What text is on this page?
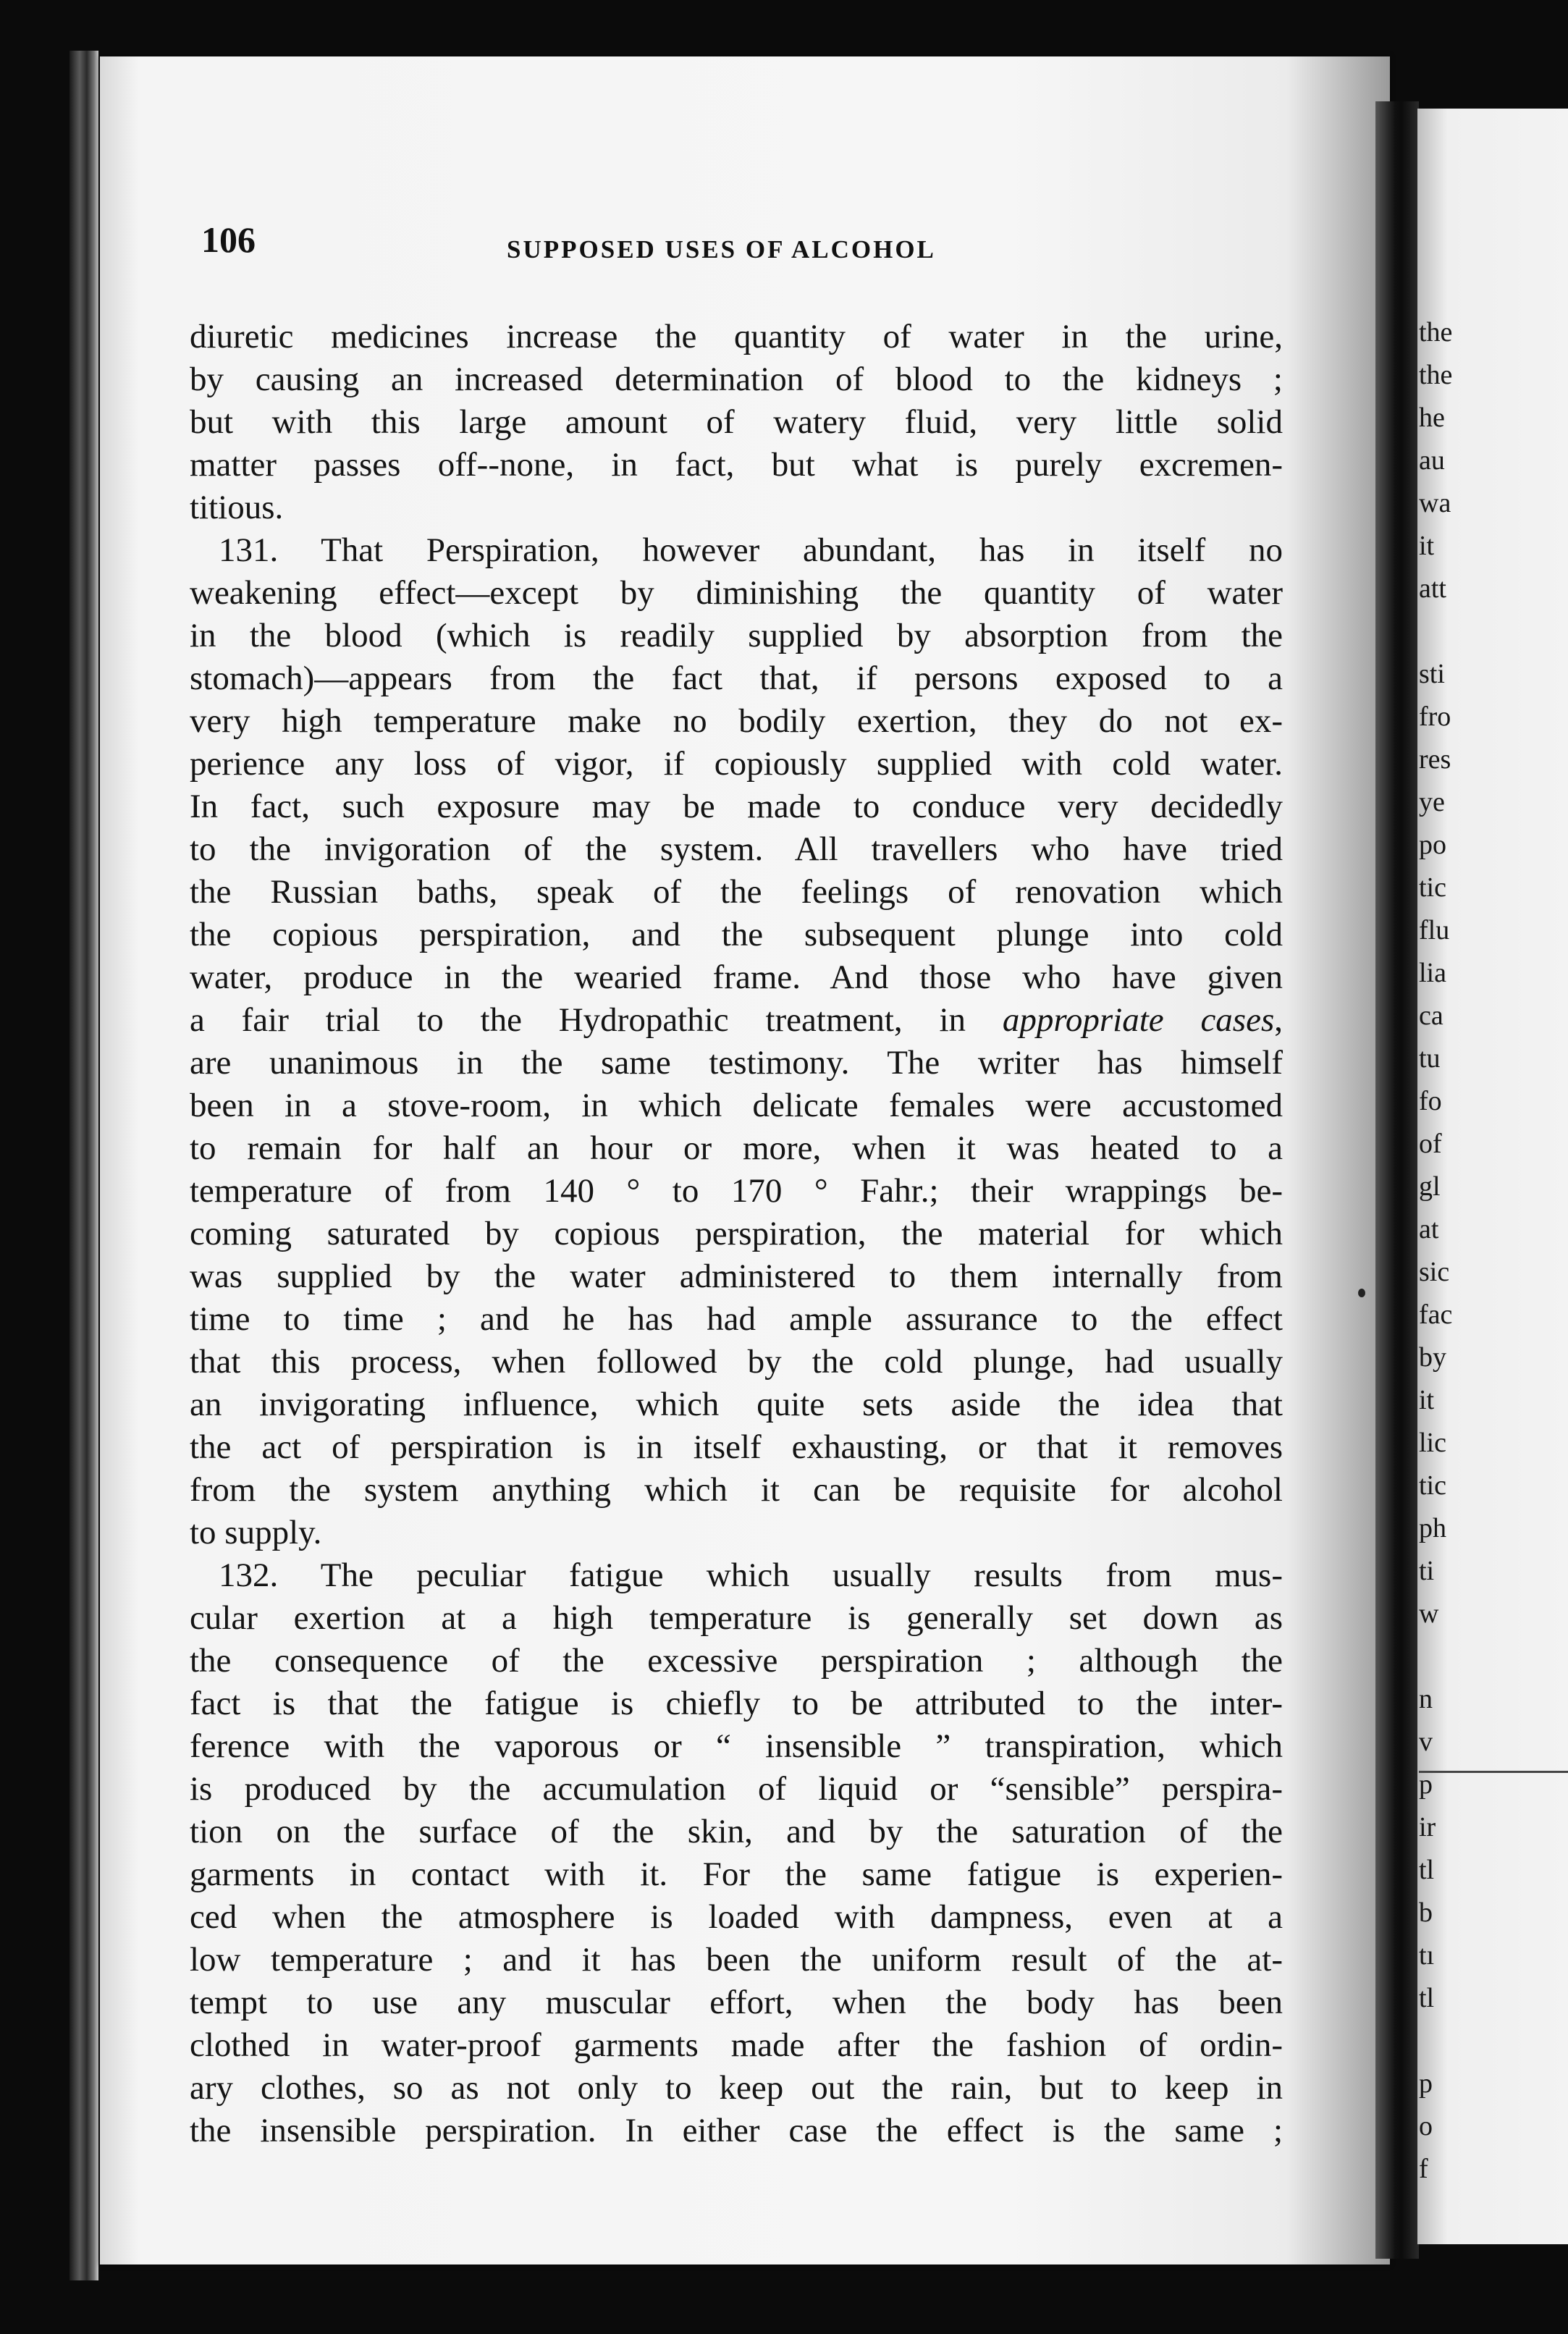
106	SUPPOSED USES OF ALCOHOL
diuretic medicines increase the quantity of water in the urine,
by causing an increased determination of blood to the kidneys ;
but with this large amount of watery fluid, very little solid
matter passes off--none, in fact, but what is purely excremen-
titious.
131. That Perspiration, however abundant, has in itself no
weakening effect—except by diminishing the quantity of water
in the blood (which is readily supplied by absorption from the
stomach)—appears from the fact that, if persons exposed to a
very high temperature make no bodily exertion, they do not ex-
perience any loss of vigor, if copiously supplied with cold water.
In fact, such exposure may be made to conduce very decidedly
to the invigoration of the system. All travellers who have tried
the Russian baths, speak of the feelings of renovation which
the copious perspiration, and the subsequent plunge into cold
water, produce in the wearied frame. And those who have given
a fair trial to the Hydropathic treatment, in appropriate cases,
are unanimous in the same testimony. The writer has himself
been in a stove-room, in which delicate females were accustomed
to remain for half an hour or more, when it was heated to a
temperature of from 140 ° to 170 ° Fahr.; their wrappings be-
coming saturated by copious perspiration, the material for which
was supplied by the water administered to them internally from
time to time ; and he has had ample assurance to the effect
that this process, when followed by the cold plunge, had usually
an invigorating influence, which quite sets aside the idea that
the act of perspiration is in itself exhausting, or that it removes
from the system anything which it can be requisite for alcohol
to supply.
132. The peculiar fatigue which usually results from mus-
cular exertion at a high temperature is generally set down as
the consequence of the excessive perspiration ; although the
fact is that the fatigue is chiefly to be attributed to the inter-
ference with the vaporous or “ insensible ” transpiration, which
is produced by the accumulation of liquid or “sensible” perspira-
tion on the surface of the skin, and by the saturation of the
garments in contact with it. For the same fatigue is experien-
ced when the atmosphere is loaded with dampness, even at a
low temperature ; and it has been the uniform result of the at-
tempt to use any muscular effort, when the body has been
clothed in water-proof garments made after the fashion of ordin-
ary clothes, so as not only to keep out the rain, but to keep in
the insensible perspiration. In either case the effect is the same ;
the
the
he
au
wa
it
att
sti
fro
res
ye
po
tic
flu
lia
ca
tu
fo
of
gl
at
sic
fac
by
it
lic
tic
ph
ti
w
n
v
p
ir
tl
b
tı
tl
p
o
f
